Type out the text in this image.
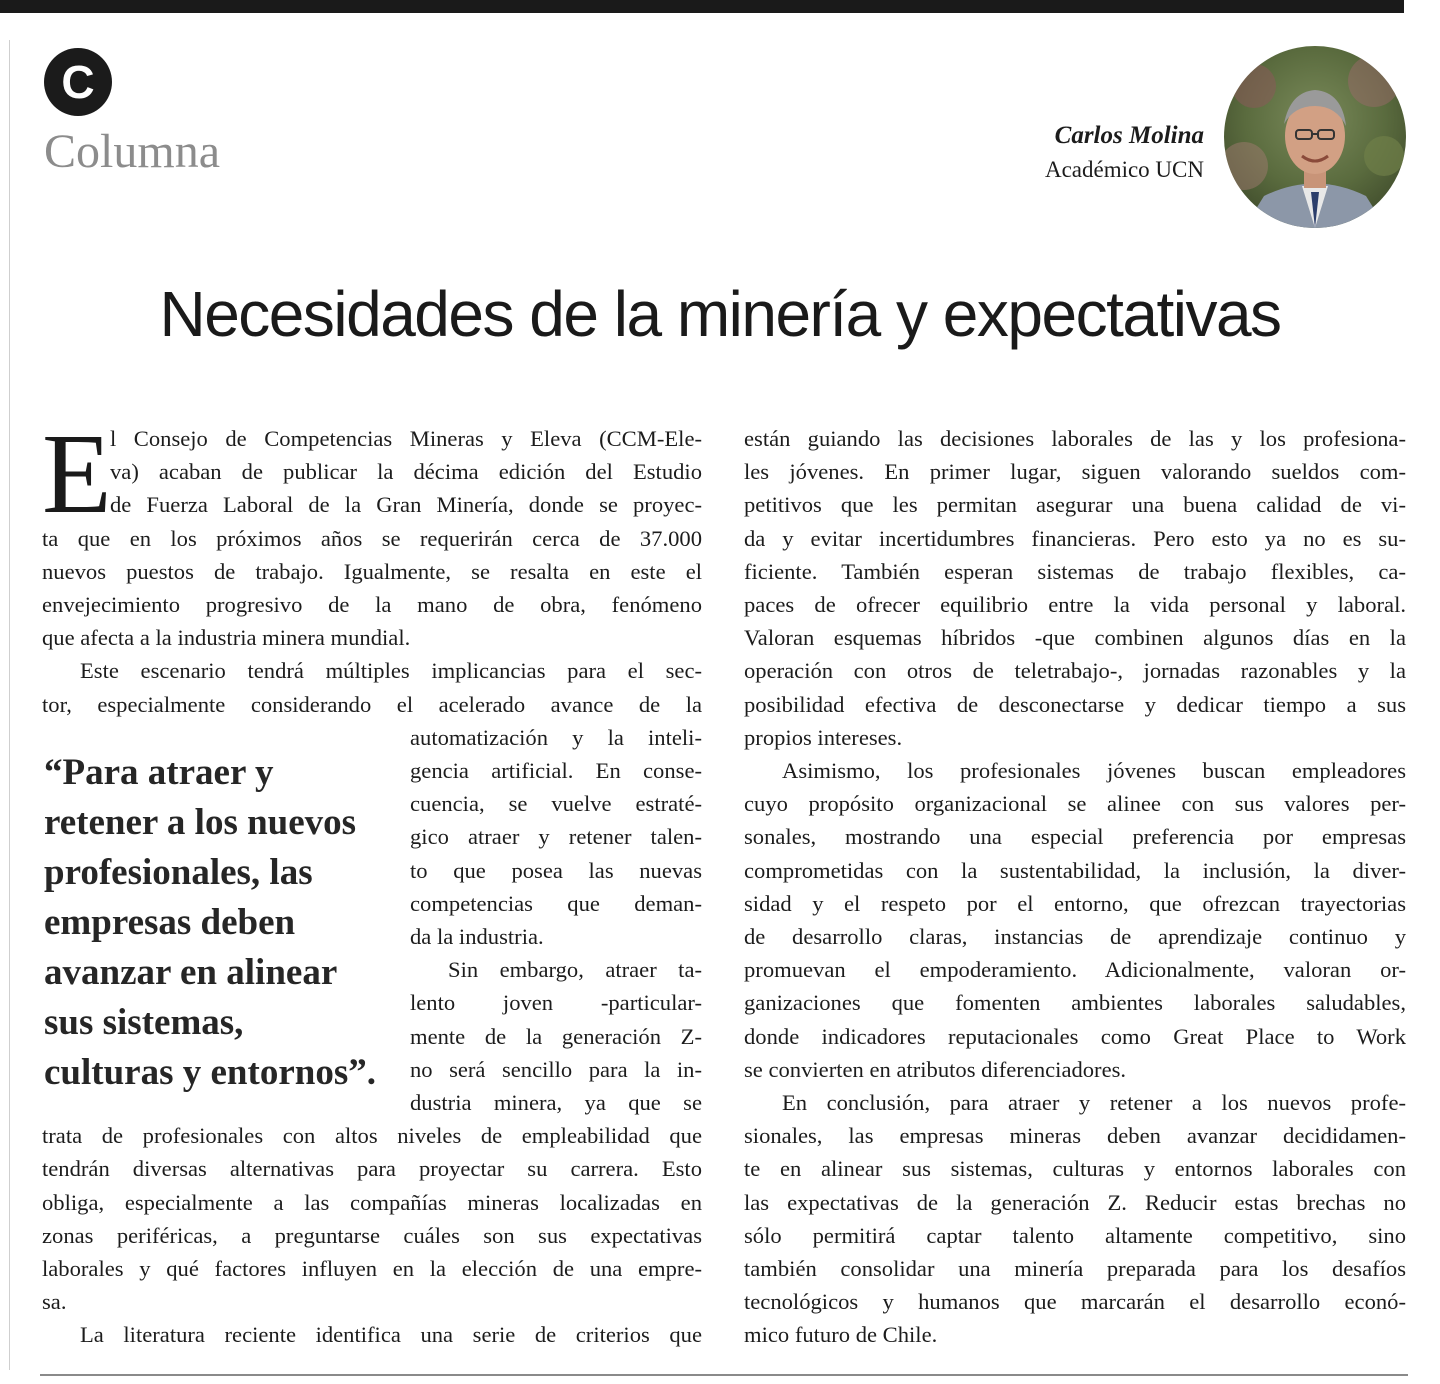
C
Columna	Carlos Molina
Académico UCN
Necesidades de la minería y expectativas
E
l Consejo de Competencias Mineras y Eleva (CCM-Ele-
va) acaban de publicar la décima edición del Estudio
de Fuerza Laboral de la Gran Minería, donde se proyec-
ta que en los próximos años se requerirán cerca de 37.000
nuevos puestos de trabajo. Igualmente, se resalta en este el
envejecimiento progresivo de la mano de obra, fenómeno
que afecta a la industria minera mundial.
Este escenario tendrá múltiples implicancias para el sec-
tor, especialmente considerando el acelerado avance de la
automatización y la inteli-
gencia artificial. En conse-
cuencia, se vuelve estraté-
gico atraer y retener talen-
to que posea las nuevas
competencias que deman-
da la industria.
Sin embargo, atraer ta-
lento joven -particular-
mente de la generación Z-
no será sencillo para la in-
dustria minera, ya que se
trata de profesionales con altos niveles de empleabilidad que
tendrán diversas alternativas para proyectar su carrera. Esto
obliga, especialmente a las compañías mineras localizadas en
zonas periféricas, a preguntarse cuáles son sus expectativas
laborales y qué factores influyen en la elección de una empre-
sa.
La literatura reciente identifica una serie de criterios que
“Para atraer y
retener a los nuevos
profesionales, las
empresas deben
avanzar en alinear
sus sistemas,
culturas y entornos”.
están guiando las decisiones laborales de las y los profesiona-
les jóvenes. En primer lugar, siguen valorando sueldos com-
petitivos que les permitan asegurar una buena calidad de vi-
da y evitar incertidumbres financieras. Pero esto ya no es su-
ficiente. También esperan sistemas de trabajo flexibles, ca-
paces de ofrecer equilibrio entre la vida personal y laboral.
Valoran esquemas híbridos -que combinen algunos días en la
operación con otros de teletrabajo-, jornadas razonables y la
posibilidad efectiva de desconectarse y dedicar tiempo a sus
propios intereses.
Asimismo, los profesionales jóvenes buscan empleadores
cuyo propósito organizacional se alinee con sus valores per-
sonales, mostrando una especial preferencia por empresas
comprometidas con la sustentabilidad, la inclusión, la diver-
sidad y el respeto por el entorno, que ofrezcan trayectorias
de desarrollo claras, instancias de aprendizaje continuo y
promuevan el empoderamiento. Adicionalmente, valoran or-
ganizaciones que fomenten ambientes laborales saludables,
donde indicadores reputacionales como Great Place to Work
se convierten en atributos diferenciadores.
En conclusión, para atraer y retener a los nuevos profe-
sionales, las empresas mineras deben avanzar decididamen-
te en alinear sus sistemas, culturas y entornos laborales con
las expectativas de la generación Z. Reducir estas brechas no
sólo permitirá captar talento altamente competitivo, sino
también consolidar una minería preparada para los desafíos
tecnológicos y humanos que marcarán el desarrollo econó-
mico futuro de Chile.
